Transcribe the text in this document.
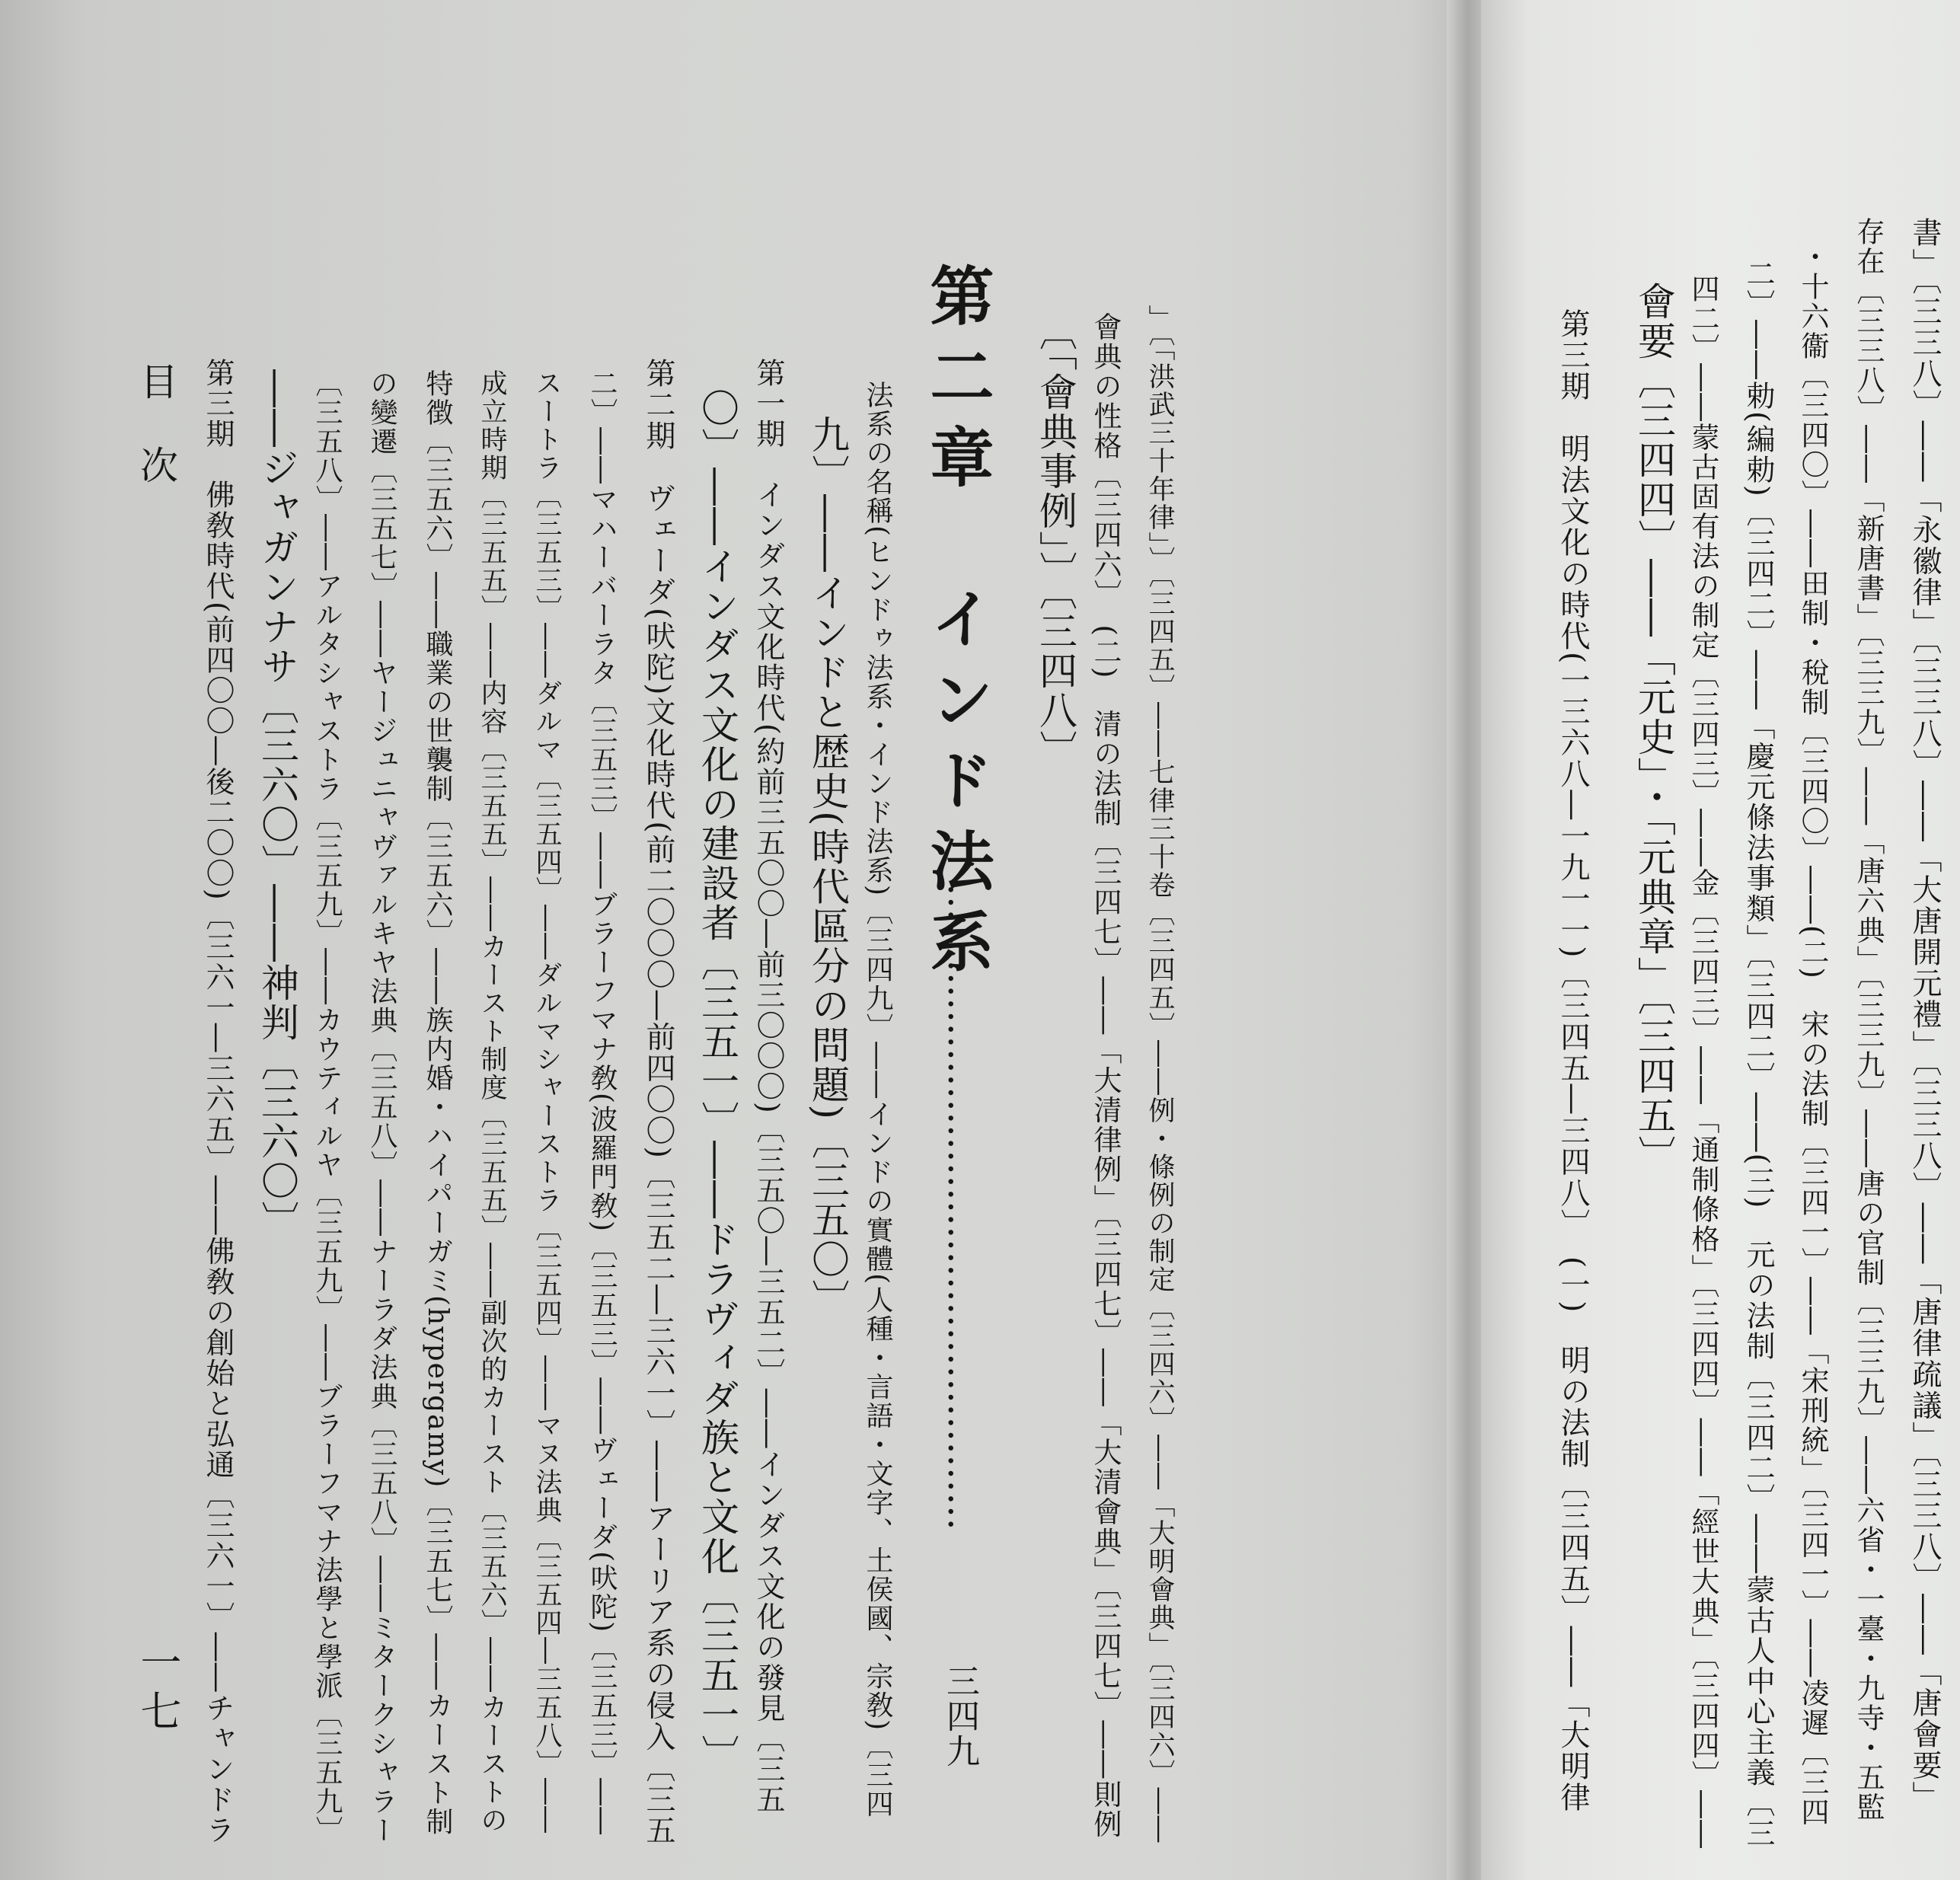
書」〔三三八〕――「永徽律」〔三三八〕――「大唐開元禮」〔三三八〕――「唐律疏議」〔三三八〕――「唐會要」
存在〔三三八〕――「新唐書」〔三三九〕――「唐六典」〔三三九〕――唐の官制〔三三九〕――六省・一臺・九寺・五監
・十六衞〔三四〇〕――田制・稅制〔三四〇〕――(二)　宋の法制〔三四一〕――「宋刑統」〔三四一〕――凌遲〔三四
二〕――勅(編勅)〔三四二〕――「慶元條法事類」〔三四二〕――(三)　元の法制〔三四二〕――蒙古人中心主義〔三
四二〕――蒙古固有法の制定〔三四三〕――金〔三四三〕――「通制條格」〔三四四〕――「經世大典」〔三四四〕――
會要〔三四四〕――「元史」・「元典章」〔三四五〕
第三期　明法文化の時代(一三六八―一九一一)〔三四五―三四八〕　(一)　明の法制〔三四五〕――「大明律
」〔「洪武三十年律」〕〔三四五〕――七律三十卷〔三四五〕――例・條例の制定〔三四六〕――「大明會典」〔三四六〕――
會典の性格〔三四六〕　(二)　清の法制〔三四七〕――「大清律例」〔三四七〕――「大清會典」〔三四七〕――則例
〔「會典事例」〕〔三四八〕
第二章　インド法系
……………………………………………
三四九
法系の名稱(ヒンドゥ法系・インド法系)〔三四九〕――インドの實體(人種・言語・文字、土侯國、宗敎)〔三四
九〕――インドと歴史(時代區分の問題)〔三五〇〕
第一期　インダス文化時代(約前三五〇〇―前三〇〇〇)〔三五〇―三五二〕――インダス文化の發見〔三五
〇〕――インダス文化の建設者〔三五一〕――ドラヴィダ族と文化〔三五一〕
第二期　ヴェーダ(吠陀)文化時代(前二〇〇〇―前四〇〇)〔三五二―三六一〕――アーリア系の侵入〔三五
二〕――マハーバーラタ〔三五三〕――ブラーフマナ敎(波羅門敎)〔三五三〕――ヴェーダ(吠陀)〔三五三〕――
スートラ〔三五三〕――ダルマ〔三五四〕――ダルマシャーストラ〔三五四〕――マヌ法典〔三五四―三五八〕――
成立時期〔三五五〕――内容〔三五五〕――カースト制度〔三五五〕――副次的カースト〔三五六〕――カーストの
特徴〔三五六〕――職業の世襲制〔三五六〕――族内婚・ハイパーガミ(hypergamy)〔三五七〕――カースト制
の變遷〔三五七〕――ヤージュニャヴァルキヤ法典〔三五八〕――ナーラダ法典〔三五八〕――ミタークシャラー
〔三五八〕――アルタシャストラ〔三五九〕――カウティルヤ〔三五九〕――ブラーフマナ法學と學派〔三五九〕
――ジャガンナサ〔三六〇〕――神判〔三六〇〕
第三期　佛敎時代(前四〇〇―後二〇〇)〔三六一―三六五〕――佛敎の創始と弘通〔三六一〕――チャンドラ
目次
一七
